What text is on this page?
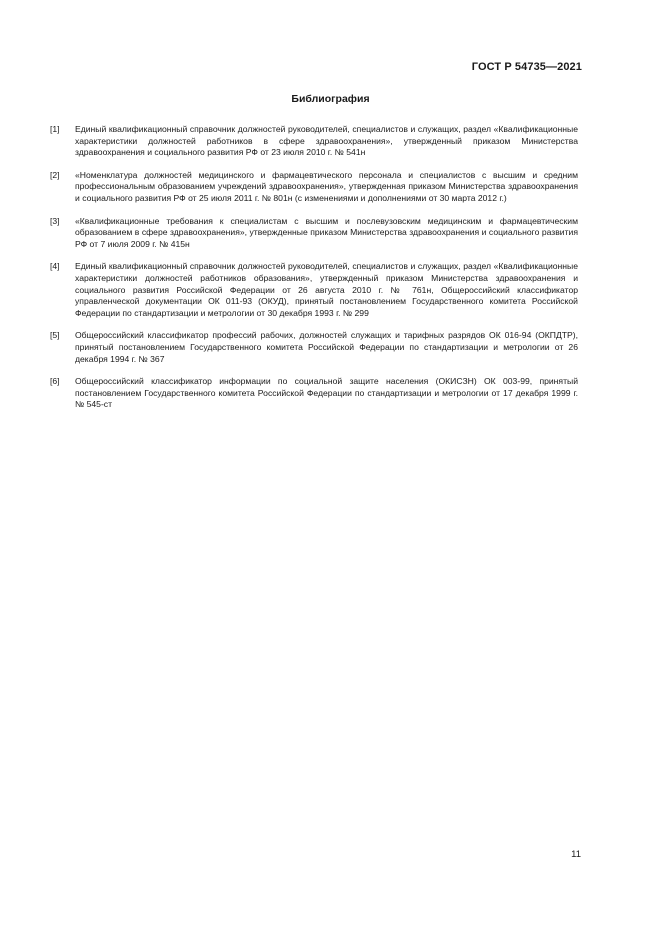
ГОСТ Р 54735—2021
Библиография
[1]	Единый квалификационный справочник должностей руководителей, специалистов и служащих, раздел «Квалификационные характеристики должностей работников в сфере здравоохранения», утвержденный приказом Министерства здравоохранения и социального развития РФ от 23 июля 2010 г. № 541н
[2]	«Номенклатура должностей медицинского и фармацевтического персонала и специалистов с высшим и средним профессиональным образованием учреждений здравоохранения», утвержденная приказом Министерства здравоохранения и социального развития РФ от 25 июля 2011 г. № 801н (с изменениями и дополнениями от 30 марта 2012 г.)
[3]	«Квалификационные требования к специалистам с высшим и послевузовским медицинским и фармацевтическим образованием в сфере здравоохранения», утвержденные приказом Министерства здравоохранения и социального развития РФ от 7 июля 2009 г. № 415н
[4]	Единый квалификационный справочник должностей руководителей, специалистов и служащих, раздел «Квалификационные характеристики должностей работников образования», утвержденный приказом Министерства здравоохранения и социального развития Российской Федерации от 26 августа 2010 г. № 761н, Общероссийский классификатор управленческой документации ОК 011-93 (ОКУД), принятый постановлением Государственного комитета Российской Федерации по стандартизации и метрологии от 30 декабря 1993 г. № 299
[5]	Общероссийский классификатор профессий рабочих, должностей служащих и тарифных разрядов ОК 016-94 (ОКПДТР), принятый постановлением Государственного комитета Российской Федерации по стандартизации и метрологии от 26 декабря 1994 г. № 367
[6]	Общероссийский классификатор информации по социальной защите населения (ОКИСЗН) ОК 003-99, принятый постановлением Государственного комитета Российской Федерации по стандартизации и метрологии от 17 декабря 1999 г. № 545-ст
11
